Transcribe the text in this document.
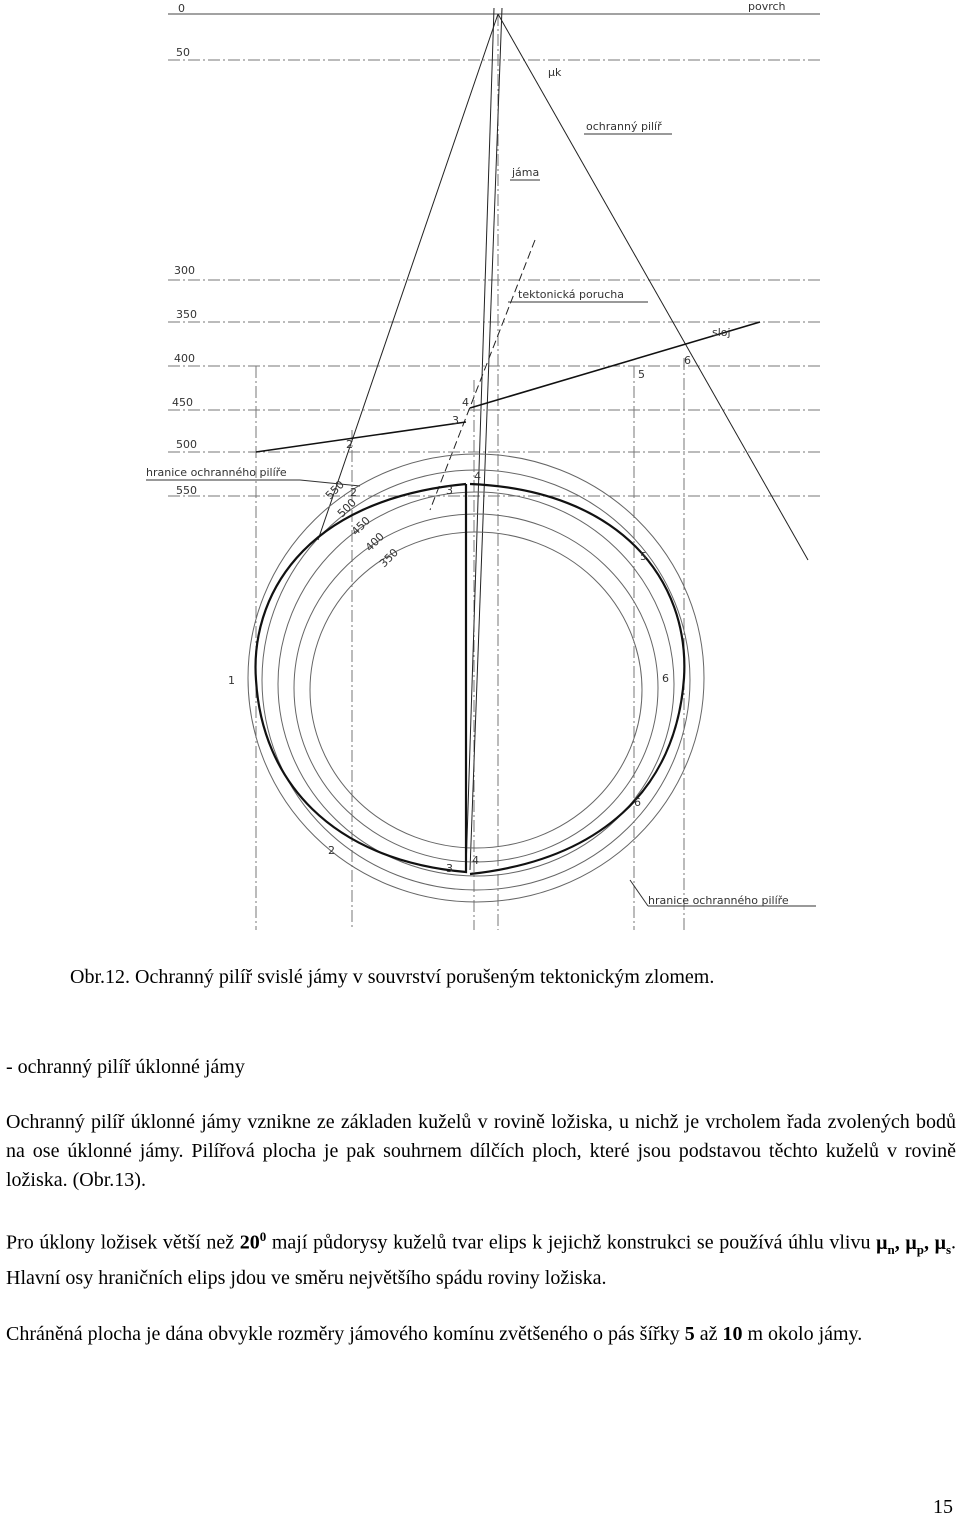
0
50
300
350
400
450
500
550
povrch
μk
ochranný pilíř
jáma
tektonická porucha
sloj
hranice ochranného pilíře
hranice ochranného pilíře
550
500
450
400
350
1
2
2
2
3
3
3
4
4
4
5
5
6
6
6
Obr.12. Ochranný pilíř svislé jámy v souvrství porušeným tektonickým zlomem.
- ochranný pilíř úklonné jámy

Ochranný pilíř úklonné jámy vznikne ze základen kuželů v rovině ložiska, u nichž je vrcholem řada zvolených bodů na ose úklonné jámy. Pilířová plocha je pak souhrnem dílčích ploch, které jsou podstavou těchto kuželů v rovině ložiska. (Obr.13).

Pro úklony ložisek větší než $20^0$ mají půdorysy kuželů tvar elips k jejichž konstrukci se používá úhlu vlivu $\mu_n$, $\mu_p$, $\mu_s$. Hlavní osy hraničních elips jdou ve směru největšího spádu roviny ložiska.

Chráněná plocha je dána obvykle rozměry jámového komínu zvětšeného o pás šířky 5 až 10 m okolo jámy.

15
